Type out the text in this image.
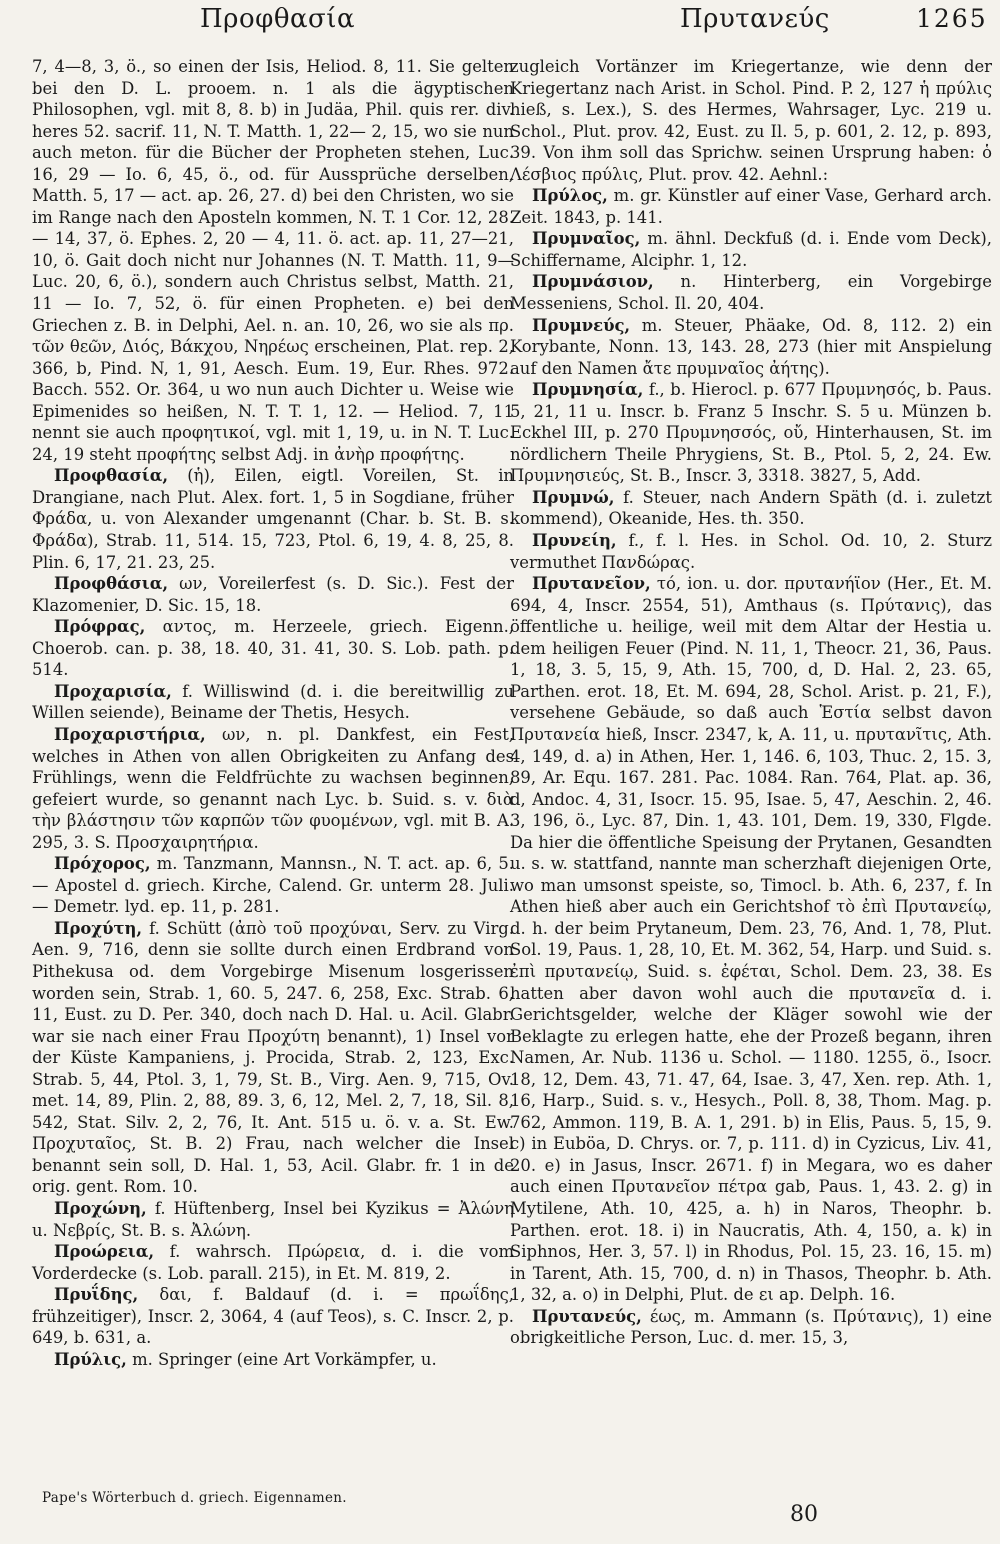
Προφθασία	Πρυτανεύς	1265

7, 4—8, 3, ö., so einen der Isis, Heliod. 8, 11. Sie gelten bei den D. L. prooem. n. 1 als die ägyptischen Philosophen, vgl. mit 8, 8. b) in Judäa, Phil. quis rer. div. heres 52. sacrif. 11, N. T. Matth. 1, 22— 2, 15, wo sie nun auch meton. für die Bücher der Propheten stehen, Luc. 16, 29 — Io. 6, 45, ö., od. für Aussprüche derselben, Matth. 5, 17 — act. ap. 26, 27. d) bei den Christen, wo sie im Range nach den Aposteln kommen, N. T. 1 Cor. 12, 28. — 14, 37, ö. Ephes. 2, 20 — 4, 11. ö. act. ap. 11, 27—21, 10, ö. Gait doch nicht nur Johannes (N. T. Matth. 11, 9— Luc. 20, 6, ö.), sondern auch Christus selbst, Matth. 21, 11 — Io. 7, 52, ö. für einen Propheten. e) bei den Griechen z. B. in Delphi, Ael. n. an. 10, 26, wo sie als πρ. τῶν θεῶν, Διός, Βάκχου, Νηρέως erscheinen, Plat. rep. 2, 366, b, Pind. N, 1, 91, Aesch. Eum. 19, Eur. Rhes. 972. Bacch. 552. Or. 364, u wo nun auch Dichter u. Weise wie Epimenides so heißen, N. T. T. 1, 12. — Heliod. 7, 11 nennt sie auch προφητικοί, vgl. mit 1, 19, u. in N. T. Luc. 24, 19 steht προφήτης selbst Adj. in ἀνὴρ προφήτης.

Προφθασία, (ἡ), Eilen, eigtl. Voreilen, St. in Drangiane, nach Plut. Alex. fort. 1, 5 in Sogdiane, früher Φράδα, u. von Alexander umgenannt (Char. b. St. B. s. Φράδα), Strab. 11, 514. 15, 723, Ptol. 6, 19, 4. 8, 25, 8. Plin. 6, 17, 21. 23, 25.

Προφθάσια, ων, Voreilerfest (s. D. Sic.). Fest der Klazomenier, D. Sic. 15, 18.

Πρόφρας, αντος, m. Herzeele, griech. Eigenn., Choerob. can. p. 38, 18. 40, 31. 41, 30. S. Lob. path. p. 514.

Προχαρισία, f. Williswind (d. i. die bereitwillig zu Willen seiende), Beiname der Thetis, Hesych.

Προχαριστήρια, ων, n. pl. Dankfest, ein Fest, welches in Athen von allen Obrigkeiten zu Anfang des Frühlings, wenn die Feldfrüchte zu wachsen beginnen, gefeiert wurde, so genannt nach Lyc. b. Suid. s. v. διὰ τὴν βλάστησιν τῶν καρπῶν τῶν φυομένων, vgl. mit B. A. 295, 3. S. Προσχαιρητήρια.

Πρόχορος, m. Tanzmann, Mannsn., N. T. act. ap. 6, 5. — Apostel d. griech. Kirche, Calend. Gr. unterm 28. Juli. — Demetr. lyd. ep. 11, p. 281.

Προχύτη, f. Schütt (ἀπὸ τοῦ προχύναι, Serv. zu Virg. Aen. 9, 716, denn sie sollte durch einen Erdbrand von Pithekusa od. dem Vorgebirge Misenum losgerissen worden sein, Strab. 1, 60. 5, 247. 6, 258, Exc. Strab. 6, 11, Eust. zu D. Per. 340, doch nach D. Hal. u. Acil. Glabr. war sie nach einer Frau Προχύτη benannt), 1) Insel vor der Küste Kampaniens, j. Procida, Strab. 2, 123, Exc. Strab. 5, 44, Ptol. 3, 1, 79, St. B., Virg. Aen. 9, 715, Ov. met. 14, 89, Plin. 2, 88, 89. 3, 6, 12, Mel. 2, 7, 18, Sil. 8, 542, Stat. Silv. 2, 2, 76, It. Ant. 515 u. ö. v. a. St. Ew. Προχυταῖος, St. B. 2) Frau, nach welcher die Insel benannt sein soll, D. Hal. 1, 53, Acil. Glabr. fr. 1 in de orig. gent. Rom. 10.

Προχώνη, f. Hüftenberg, Insel bei Kyzikus = Ἀλώνη u. Νεβρίς, St. B. s. Ἀλώνη.

Προώρεια, f. wahrsch. Πρώρεια, d. i. die vom Vorderdecke (s. Lob. parall. 215), in Et. M. 819, 2.

Πρυΐδης, δαι, f. Baldauf (d. i. = πρωΐδης, frühzeitiger), Inscr. 2, 3064, 4 (auf Teos), s. C. Inscr. 2, p. 649, b. 631, a.

Πρύλις, m. Springer (eine Art Vorkämpfer, u.

zugleich Vortänzer im Kriegertanze, wie denn der Kriegertanz nach Arist. in Schol. Pind. P. 2, 127 ἡ πρύλις hieß, s. Lex.), S. des Hermes, Wahrsager, Lyc. 219 u. Schol., Plut. prov. 42, Eust. zu Il. 5, p. 601, 2. 12, p. 893, 39. Von ihm soll das Sprichw. seinen Ursprung haben: ὁ Λέσβιος πρύλις, Plut. prov. 42. Aehnl.:

Πρύλος, m. gr. Künstler auf einer Vase, Gerhard arch. Zeit. 1843, p. 141.

Πρυμναῖος, m. ähnl. Deckfuß (d. i. Ende vom Deck), Schiffername, Alciphr. 1, 12.

Πρυμνάσιον, n. Hinterberg, ein Vorgebirge Messeniens, Schol. Il. 20, 404.

Πρυμνεύς, m. Steuer, Phäake, Od. 8, 112. 2) ein Korybante, Nonn. 13, 143. 28, 273 (hier mit Anspielung auf den Namen ἄτε πρυμναῖος ἀήτης).

Πρυμνησία, f., b. Hierocl. p. 677 Πρυμνησός, b. Paus. 5, 21, 11 u. Inscr. b. Franz 5 Inschr. S. 5 u. Münzen b. Eckhel III, p. 270 Πρυμνησσός, οὔ, Hinterhausen, St. im nördlichern Theile Phrygiens, St. B., Ptol. 5, 2, 24. Ew. Πρυμνησιεύς, St. B., Inscr. 3, 3318. 3827, 5, Add.

Πρυμνώ, f. Steuer, nach Andern Späth (d. i. zuletzt kommend), Okeanide, Hes. th. 350.

Πρυνείη, f., f. l. Hes. in Schol. Od. 10, 2. Sturz vermuthet Πανδώρας.

Πρυτανεῖον, τό, ion. u. dor. πρυτανήϊον (Her., Et. M. 694, 4, Inscr. 2554, 51), Amthaus (s. Πρύτανις), das öffentliche u. heilige, weil mit dem Altar der Hestia u. dem heiligen Feuer (Pind. N. 11, 1, Theocr. 21, 36, Paus. 1, 18, 3. 5, 15, 9, Ath. 15, 700, d, D. Hal. 2, 23. 65, Parthen. erot. 18, Et. M. 694, 28, Schol. Arist. p. 21, F.), versehene Gebäude, so daß auch Ἑστία selbst davon Πρυτανεία hieß, Inscr. 2347, k, A. 11, u. πρυτανῖτις, Ath. 4, 149, d. a) in Athen, Her. 1, 146. 6, 103, Thuc. 2, 15. 3, 89, Ar. Equ. 167. 281. Pac. 1084. Ran. 764, Plat. ap. 36, d, Andoc. 4, 31, Isocr. 15. 95, Isae. 5, 47, Aeschin. 2, 46. 3, 196, ö., Lyc. 87, Din. 1, 43. 101, Dem. 19, 330, Flgde. Da hier die öffentliche Speisung der Prytanen, Gesandten u. s. w. stattfand, nannte man scherzhaft diejenigen Orte, wo man umsonst speiste, so, Timocl. b. Ath. 6, 237, f. In Athen hieß aber auch ein Gerichtshof τὸ ἐπὶ Πρυτανείῳ, d. h. der beim Prytaneum, Dem. 23, 76, And. 1, 78, Plut. Sol. 19, Paus. 1, 28, 10, Et. M. 362, 54, Harp. und Suid. s. ἐπὶ πρυτανείῳ, Suid. s. ἐφέται, Schol. Dem. 23, 38. Es hatten aber davon wohl auch die πρυτανεῖα d. i. Gerichtsgelder, welche der Kläger sowohl wie der Beklagte zu erlegen hatte, ehe der Prozeß begann, ihren Namen, Ar. Nub. 1136 u. Schol. — 1180. 1255, ö., Isocr. 18, 12, Dem. 43, 71. 47, 64, Isae. 3, 47, Xen. rep. Ath. 1, 16, Harp., Suid. s. v., Hesych., Poll. 8, 38, Thom. Mag. p. 762, Ammon. 119, B. A. 1, 291. b) in Elis, Paus. 5, 15, 9. c) in Euböa, D. Chrys. or. 7, p. 111. d) in Cyzicus, Liv. 41, 20. e) in Jasus, Inscr. 2671. f) in Megara, wo es daher auch einen Πρυτανεῖον πέτρα gab, Paus. 1, 43. 2. g) in Mytilene, Ath. 10, 425, a. h) in Naros, Theophr. b. Parthen. erot. 18. i) in Naucratis, Ath. 4, 150, a. k) in Siphnos, Her. 3, 57. l) in Rhodus, Pol. 15, 23. 16, 15. m) in Tarent, Ath. 15, 700, d. n) in Thasos, Theophr. b. Ath. 1, 32, a. o) in Delphi, Plut. de ει ap. Delph. 16.

Πρυτανεύς, έως, m. Ammann (s. Πρύτανις), 1) eine obrigkeitliche Person, Luc. d. mer. 15, 3,

Pape's Wörterbuch d. griech. Eigennamen.
80
